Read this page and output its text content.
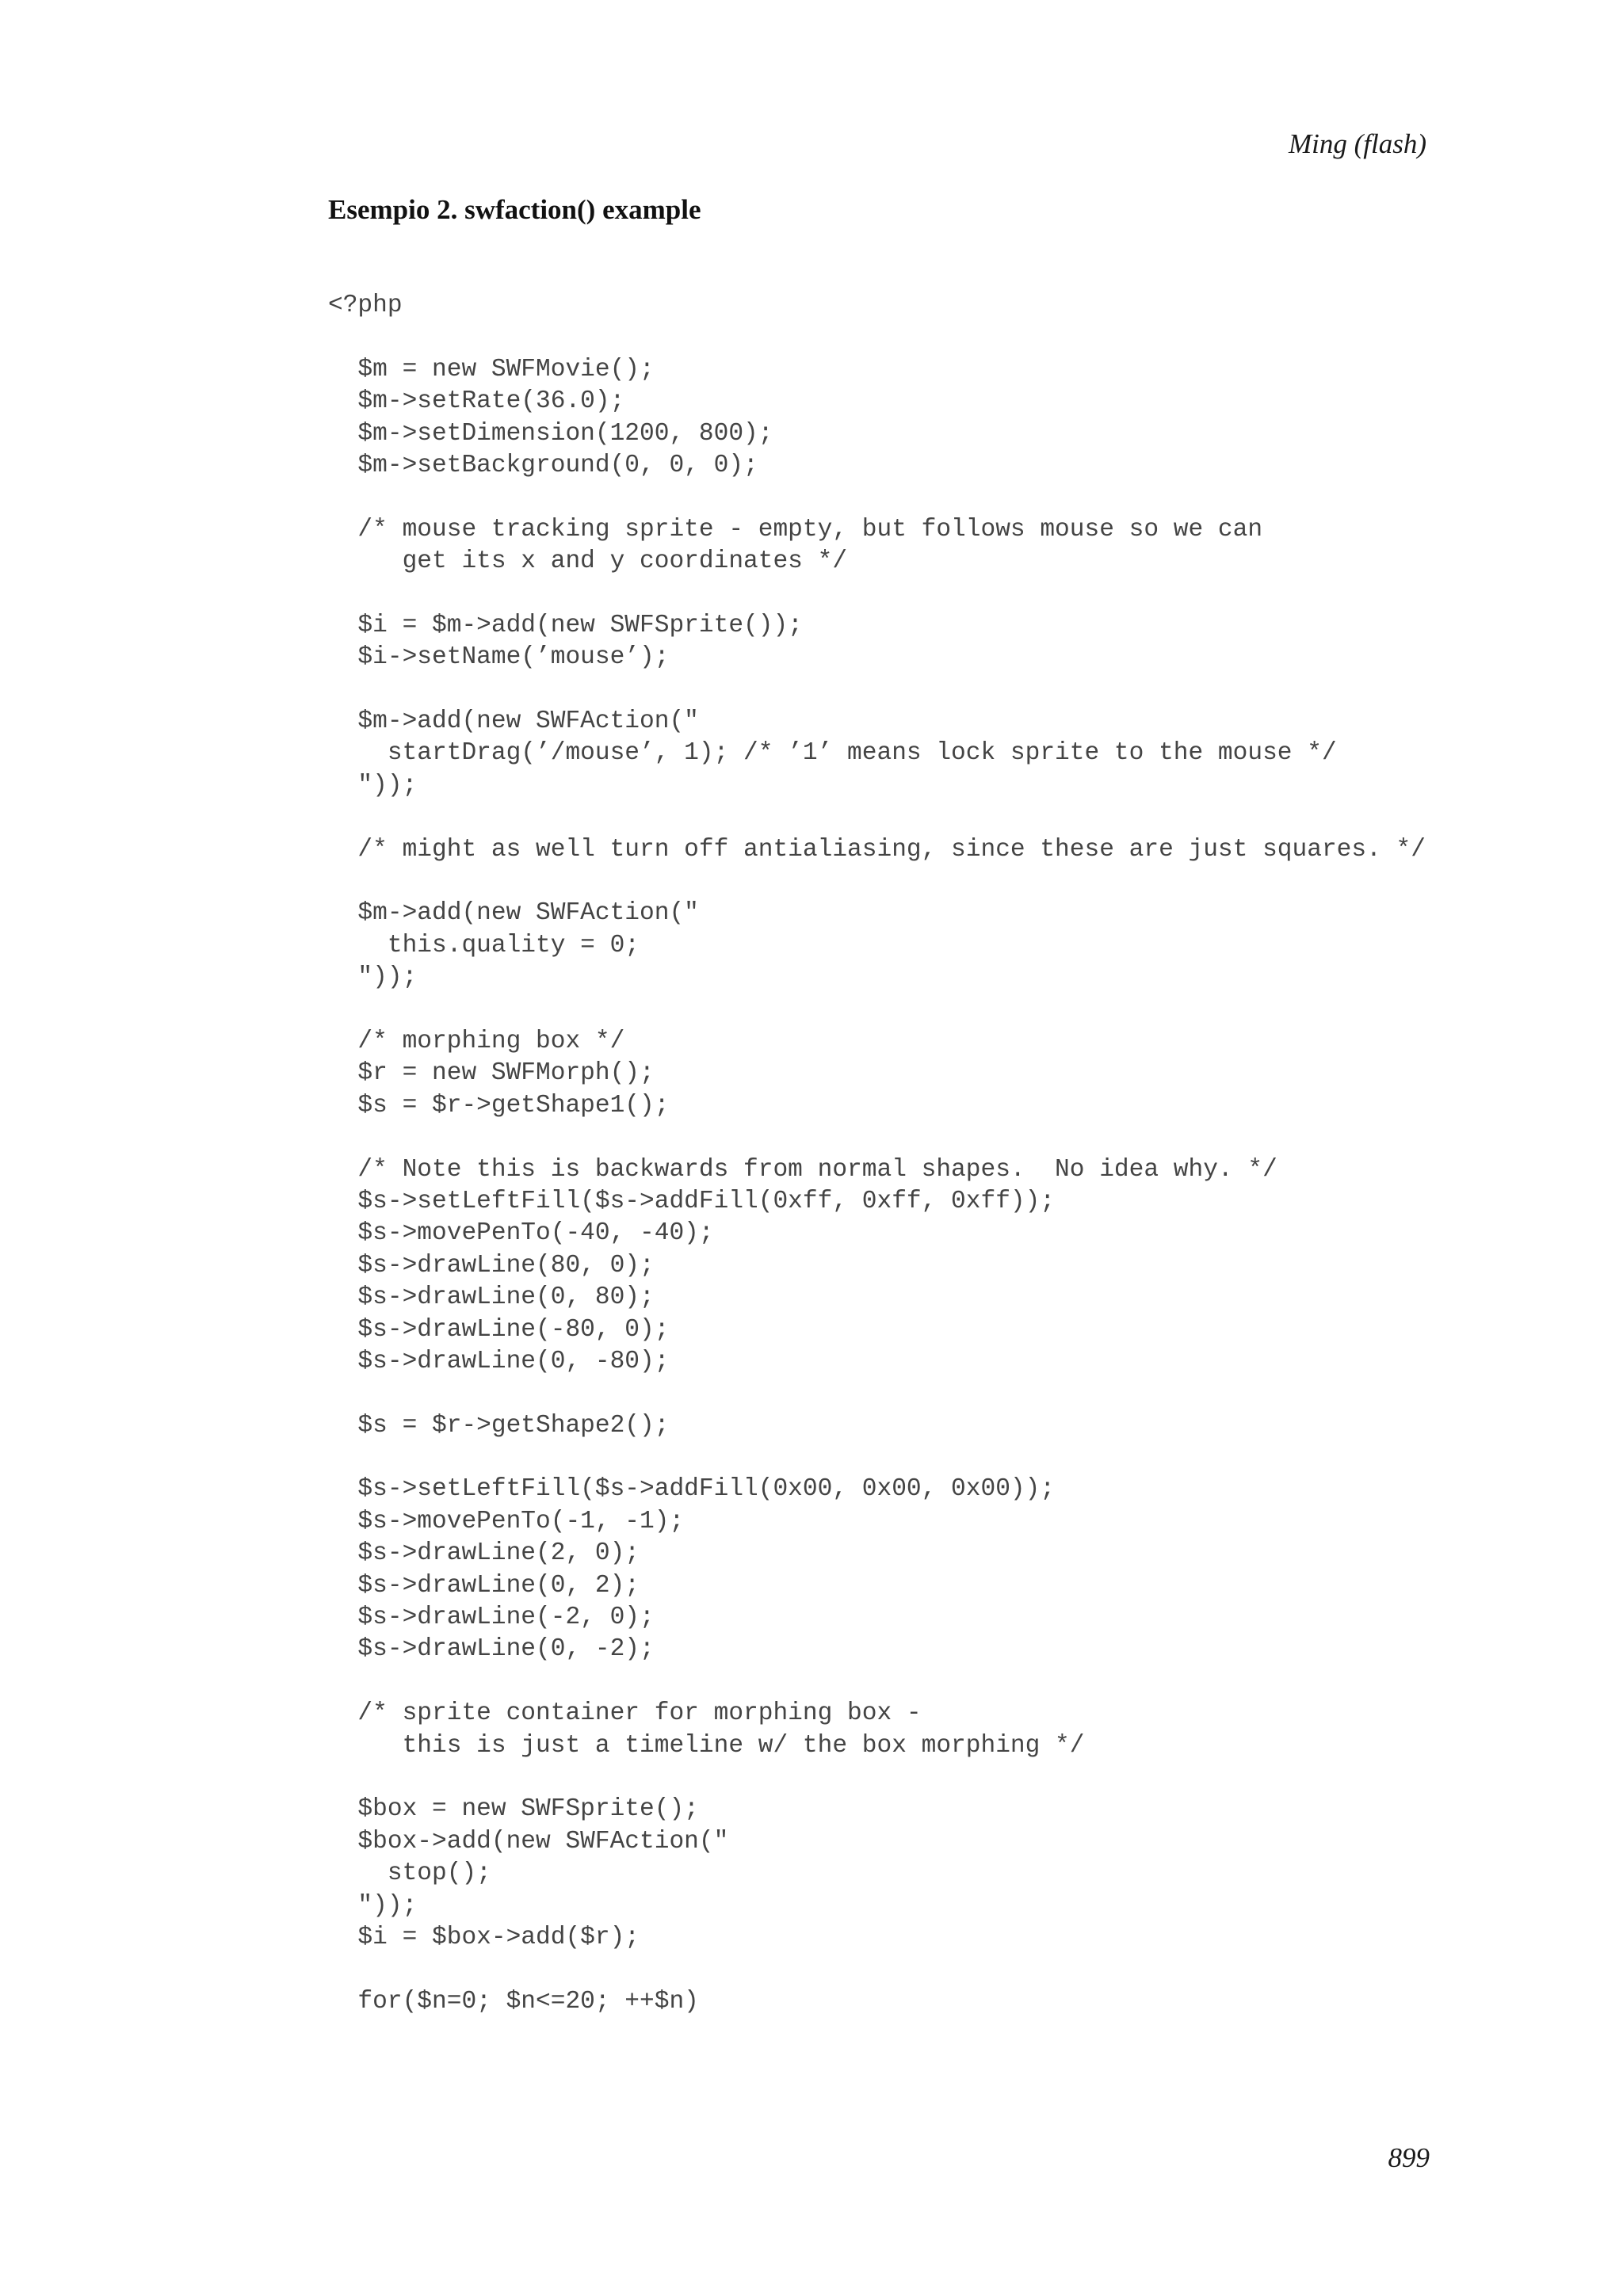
Ming (flash)
Esempio 2. swfaction() example
<?php

$m = new SWFMovie();
$m->setRate(36.0);
$m->setDimension(1200, 800);
$m->setBackground(0, 0, 0);

/* mouse tracking sprite - empty, but follows mouse so we can
get its x and y coordinates */

$i = $m->add(new SWFSprite());
$i->setName(’mouse’);

$m->add(new SWFAction("
startDrag(’/mouse’, 1); /* ’1’ means lock sprite to the mouse */
"));

/* might as well turn off antialiasing, since these are just squares. */

$m->add(new SWFAction("
this.quality = 0;
"));

/* morphing box */
$r = new SWFMorph();
$s = $r->getShape1();

/* Note this is backwards from normal shapes.  No idea why. */
$s->setLeftFill($s->addFill(0xff, 0xff, 0xff));
$s->movePenTo(-40, -40);
$s->drawLine(80, 0);
$s->drawLine(0, 80);
$s->drawLine(-80, 0);
$s->drawLine(0, -80);

$s = $r->getShape2();

$s->setLeftFill($s->addFill(0x00, 0x00, 0x00));
$s->movePenTo(-1, -1);
$s->drawLine(2, 0);
$s->drawLine(0, 2);
$s->drawLine(-2, 0);
$s->drawLine(0, -2);

/* sprite container for morphing box -
this is just a timeline w/ the box morphing */

$box = new SWFSprite();
$box->add(new SWFAction("
stop();
"));
$i = $box->add($r);

for($n=0; $n<=20; ++$n)
899
